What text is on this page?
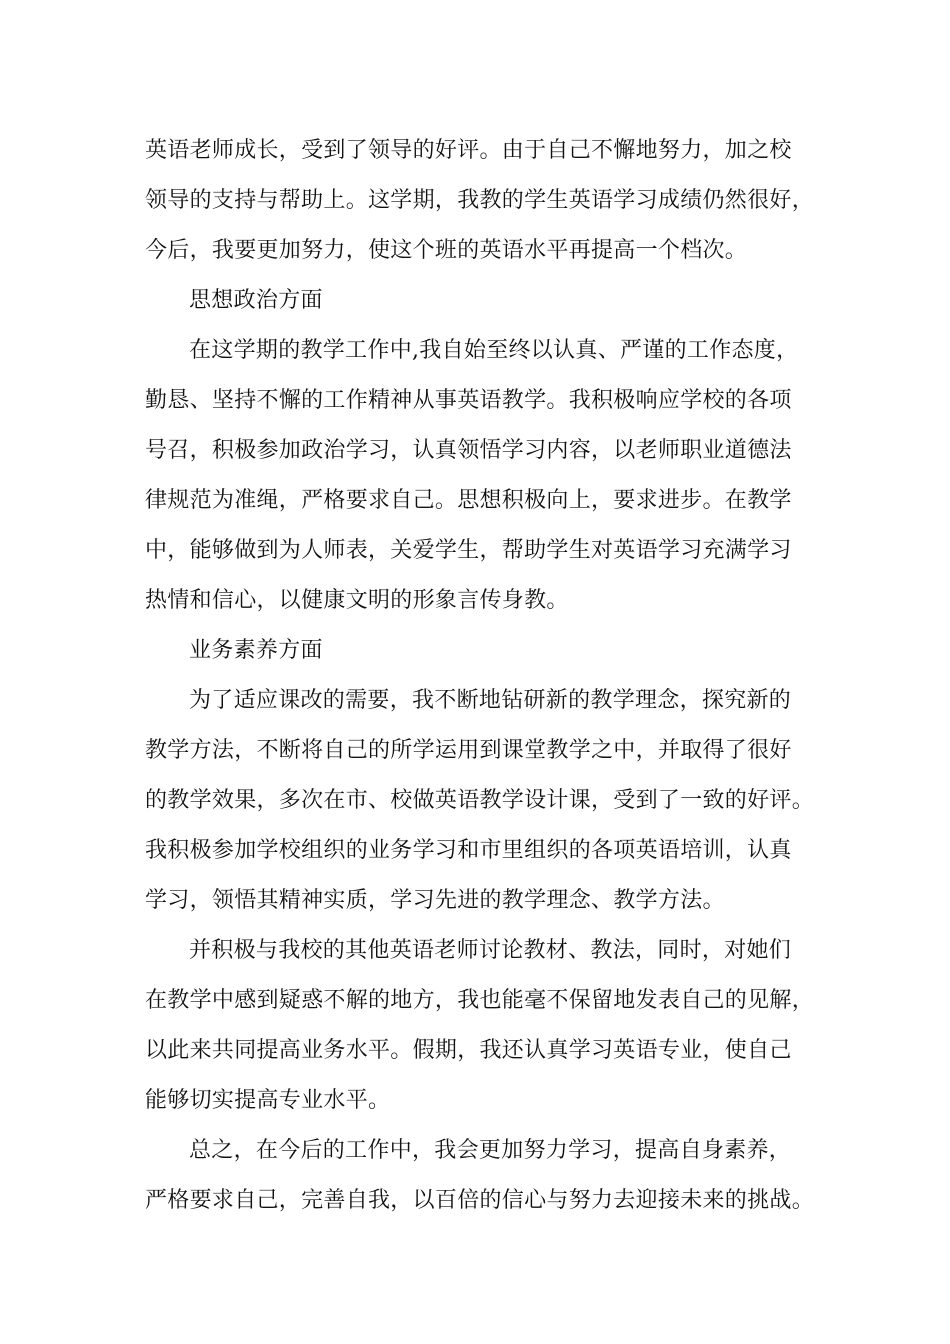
英语老师成长，受到了领导的好评。由于自己不懈地努力，加之校
领导的支持与帮助上。这学期，我教的学生英语学习成绩仍然很好，
今后，我要更加努力，使这个班的英语水平再提高一个档次。
思想政治方面
在这学期的教学工作中,我自始至终以认真、严谨的工作态度，
勤恳、坚持不懈的工作精神从事英语教学。我积极响应学校的各项
号召，积极参加政治学习，认真领悟学习内容，以老师职业道德法
律规范为准绳，严格要求自己。思想积极向上，要求进步。在教学
中，能够做到为人师表，关爱学生，帮助学生对英语学习充满学习
热情和信心，以健康文明的形象言传身教。
业务素养方面
为了适应课改的需要，我不断地钻研新的教学理念，探究新的
教学方法，不断将自己的所学运用到课堂教学之中，并取得了很好
的教学效果，多次在市、校做英语教学设计课，受到了一致的好评。
我积极参加学校组织的业务学习和市里组织的各项英语培训，认真
学习，领悟其精神实质，学习先进的教学理念、教学方法。
并积极与我校的其他英语老师讨论教材、教法，同时，对她们
在教学中感到疑惑不解的地方，我也能毫不保留地发表自己的见解，
以此来共同提高业务水平。假期，我还认真学习英语专业，使自己
能够切实提高专业水平。
总之，在今后的工作中，我会更加努力学习，提高自身素养，
严格要求自己，完善自我，以百倍的信心与努力去迎接未来的挑战。
